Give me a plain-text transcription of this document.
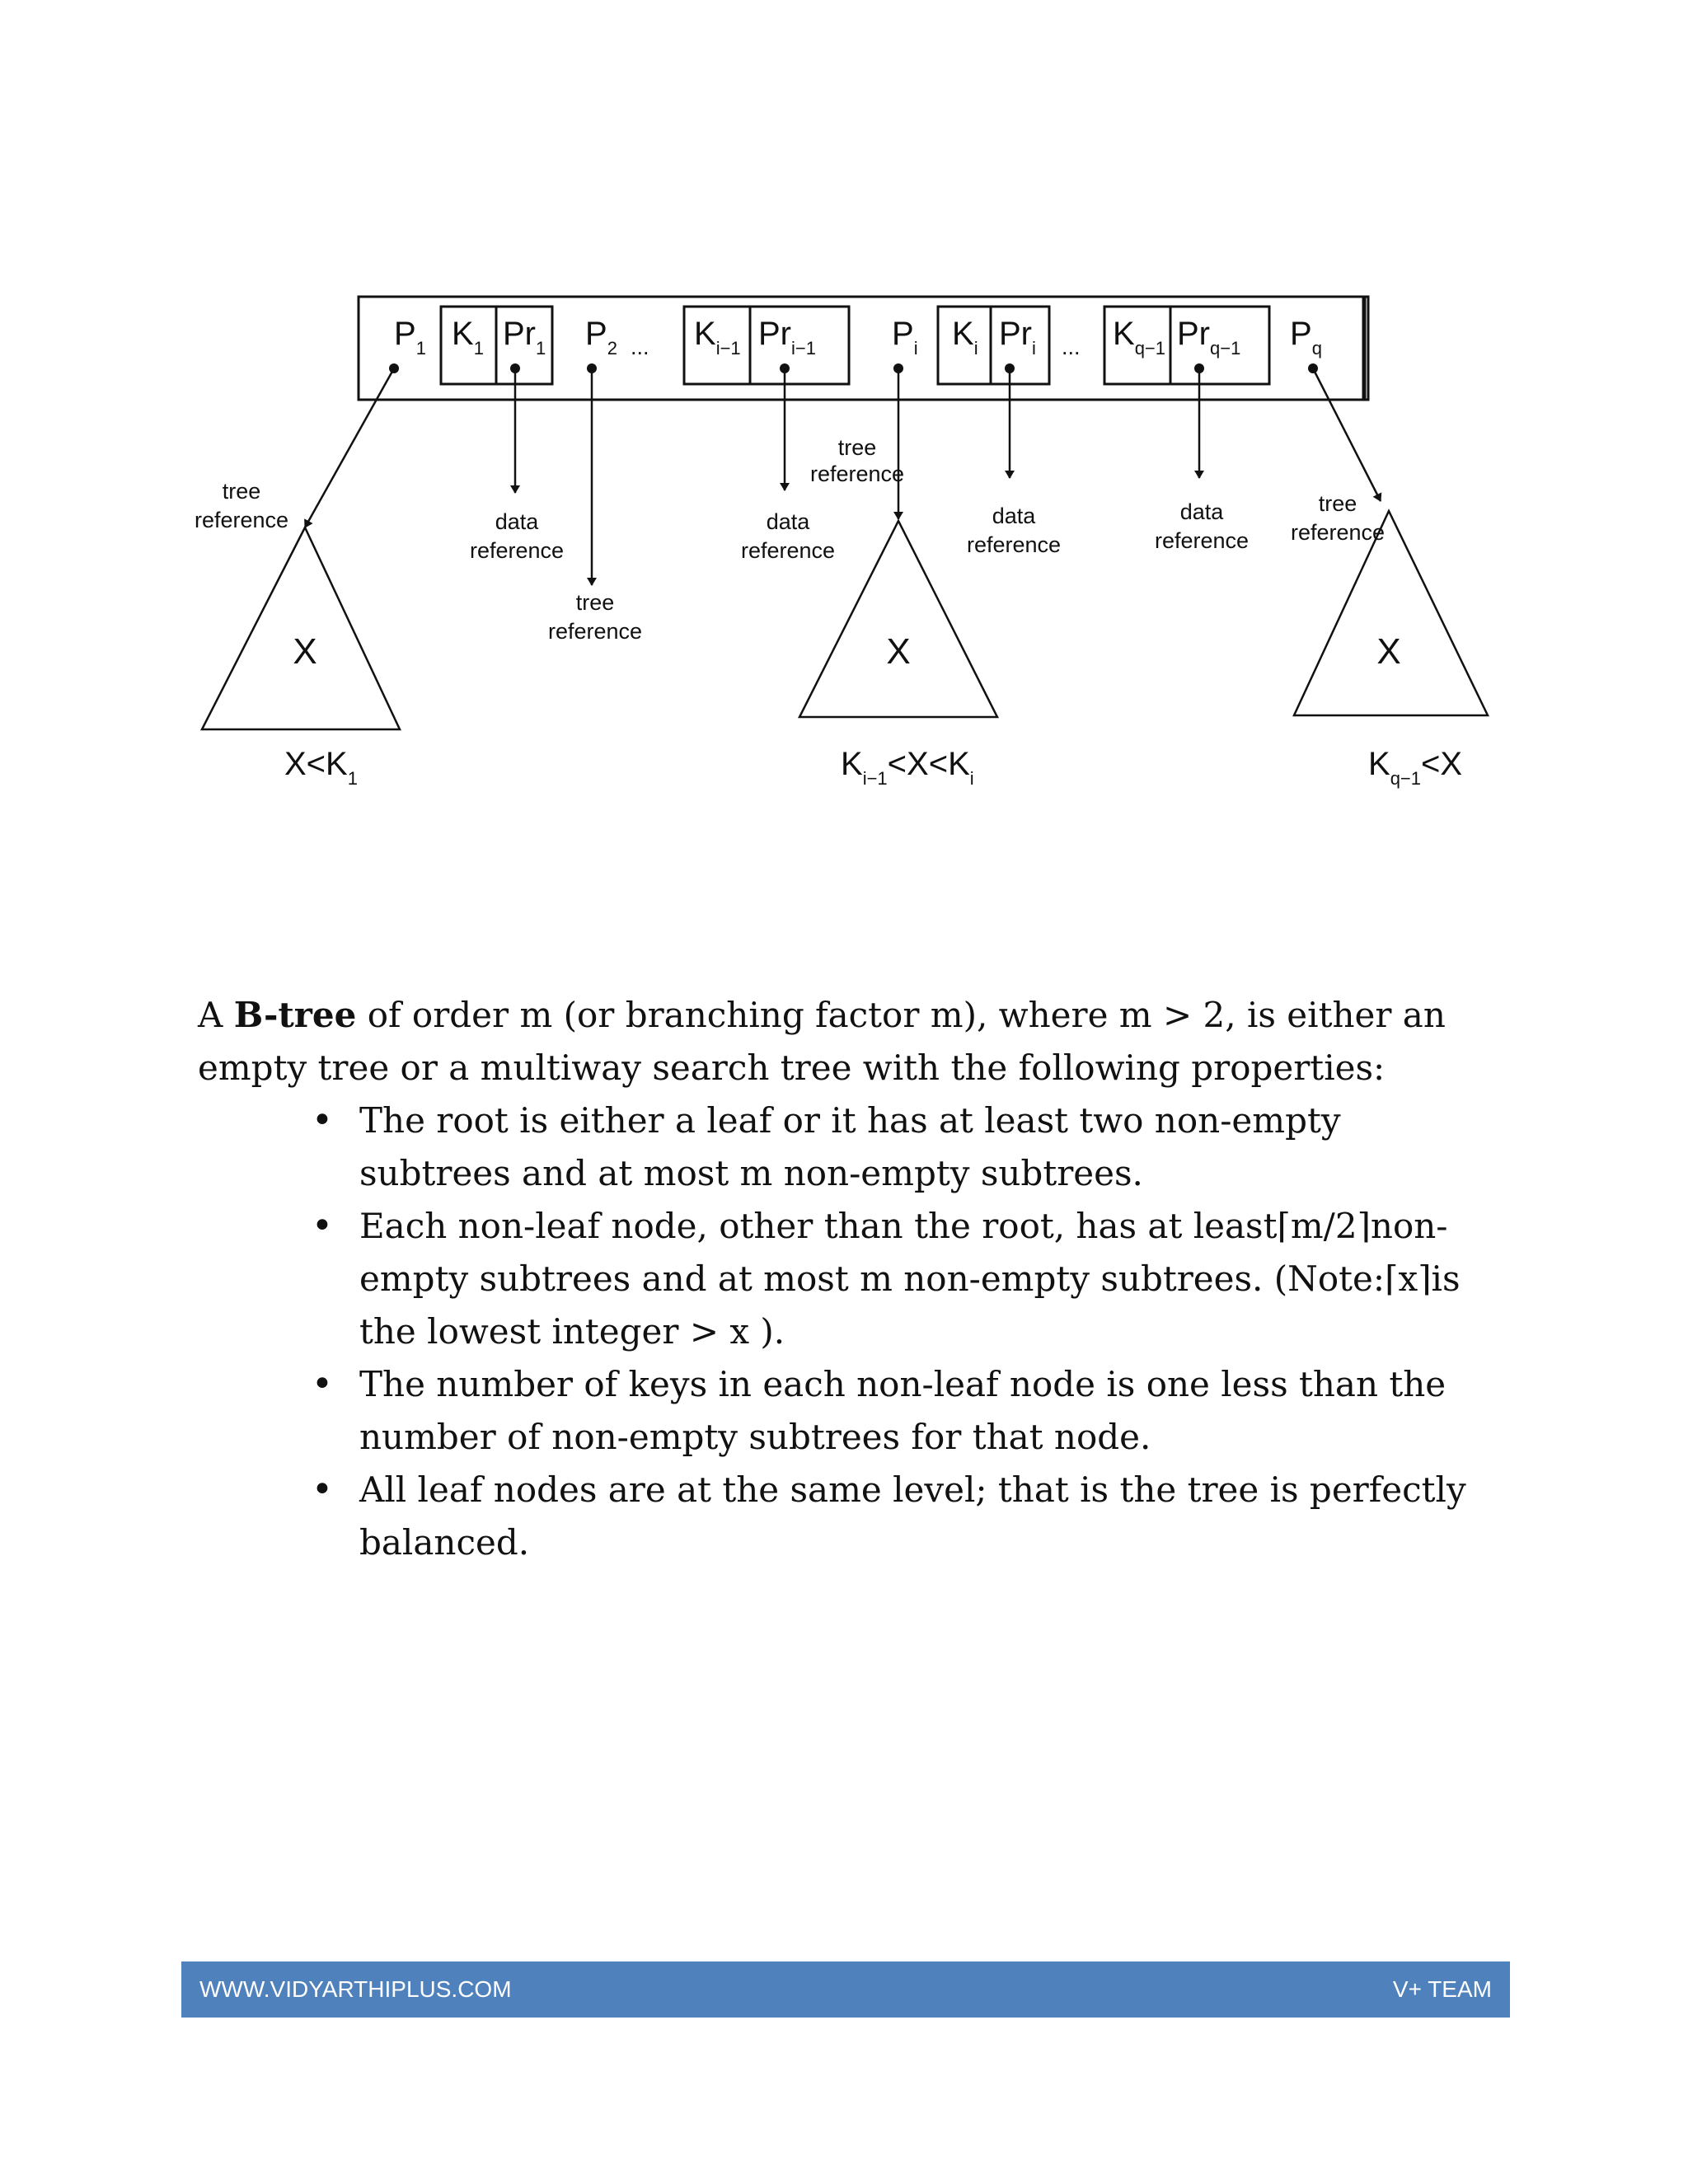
$P_1$ $K_1$ $Pr_1$ $P_2$ ... $K_{i-1}$ $Pr_{i-1}$ $P_i$ $K_i$ $Pr_i$ ... $K_{q-1}$ $Pr_{q-1}$ $P_q$
tree
reference	data
reference
tree
reference
data
reference
tree
reference
data
reference
data
reference
tree
reference
X	X	X
$X<K_1$	$K_{i-1}<X<K_i$	$K_{q-1}<X$

A B-tree of order m (or branching factor m), where m > 2, is either an empty tree or a multiway search tree with the following properties:

• The root is either a leaf or it has at least two non-empty subtrees and at most m non-empty subtrees.
• Each non-leaf node, other than the root, has at least⌈m/2⌉non-empty subtrees and at most m non-empty subtrees. (Note:⌈x⌉is the lowest integer > x ).
• The number of keys in each non-leaf node is one less than the number of non-empty subtrees for that node.
• All leaf nodes are at the same level; that is the tree is perfectly balanced.
WWW.VIDYARTHIPLUS.COM	V+ TEAM
